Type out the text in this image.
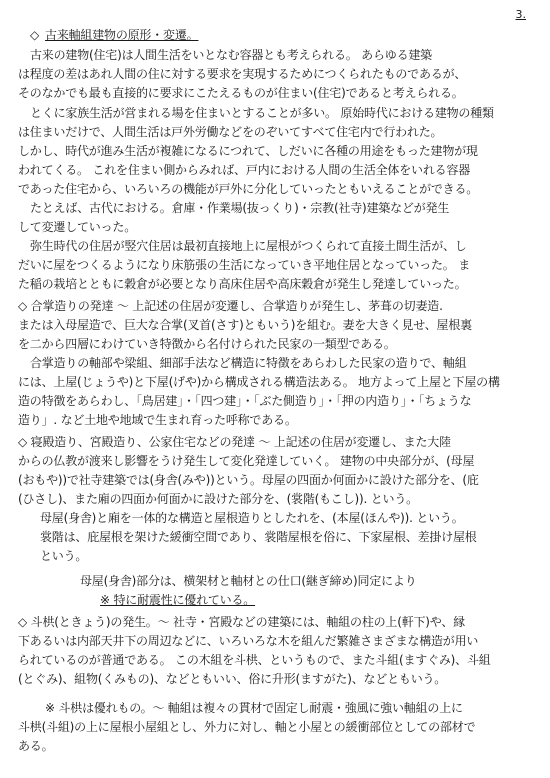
3.
◇ 古来軸組建物の原形・変遷。
古来の建物(住宅)は人間生活をいとなむ容器とも考えられる。 あらゆる建築
は程度の差はあれ人間の住に対する要求を実現するためにつくられたものであるが、
そのなかでも最も直接的に要求にこたえるものが住まい(住宅)であると考えられる。
とくに家族生活が営まれる場を住まいとすることが多い。 原始時代における建物の種類
は住まいだけで、人間生活は戸外労働などをのぞいてすべて住宅内で行われた。
しかし、時代が進み生活が複雑になるにつれて、しだいに各種の用途をもった建物が現
われてくる。 これを住まい側からみれば、戸内における人間の生活全体をいれる容器
であった住宅から、いろいろの機能が戸外に分化していったともいえることができる。
たとえば、古代における。倉庫・作業場(抜っくり)・宗教(社寺)建築などが発生
して変遷していった。
弥生時代の住居が竪穴住居は最初直接地上に屋根がつくられて直接土間生活が、し
だいに屋をつくるようになり床筋張の生活になっていき平地住居となっていった。 ま
た稲の栽培とともに穀倉が必要となり高床住居や高床穀倉が発生し発達していった。
◇ 合掌造りの発達 ～ 上記述の住居が変遷し、合掌造りが発生し、茅葺の切妻造.
または入母屋造で、巨大な合掌(叉首(さす)ともいう)を組む。妻を大きく見せ、屋根裏
を二から四層にわけていき特徴から名付けられた民家の一類型である。
合掌造りの軸部や梁組、細部手法など構造に特徴をあらわした民家の造りで、軸組
には、上屋(じょうや)と下屋(げや)から構成される構造法ある。 地方よって上屋と下屋の構
造の特徴をあらわし、「鳥居建」・「四つ建」・「ぶた側造り」・「押の内造り」・「ちょうな
造り」. など土地や地域で生まれ育った呼称である。
◇ 寝殿造り、宮殿造り、公家住宅などの発達 ～ 上記述の住居が変遷し、また大陸
からの仏教が渡来し影響をうけ発生して変化発達していく。 建物の中央部分が、(母屋
(おもや))で社寺建築では(身舎(みや))という。母屋の四面か何面かに設けた部分を、(庇
(ひさし)、また廂の四面か何面かに設けた部分を、(裳階(もこし)). という。
母屋(身舎)と廂を一体的な構造と屋根造りとしたれを、(本屋(ほんや)). という。
裳階は、庇屋根を架けた緩衝空間であり、裳階屋根を俗に、下家屋根、差掛け屋根
という。
母屋(身舎)部分は、横架材と軸材との仕口(継ぎ締め)同定により
※ 特に耐震性に優れている。
◇ 斗栱(ときょう)の発生。～ 社寺・宮殿などの建築には、軸組の柱の上(軒下)や、縁
下あるいは内部天井下の周辺などに、いろいろな木を組んだ繁雑さまざまな構造が用い
られているのが普通である。 この木組を斗栱、というもので、また斗組(ますぐみ)、斗組
(とぐみ)、組物(くみもの)、などともいい、俗に升形(ますがた)、などともいう。
※ 斗栱は優れもの。～ 軸組は複々の貫材で固定し耐震・強風に強い軸組の上に
斗栱(斗組)の上に屋根小屋組とし、外力に対し、軸と小屋との緩衝部位としての部材で
ある。
